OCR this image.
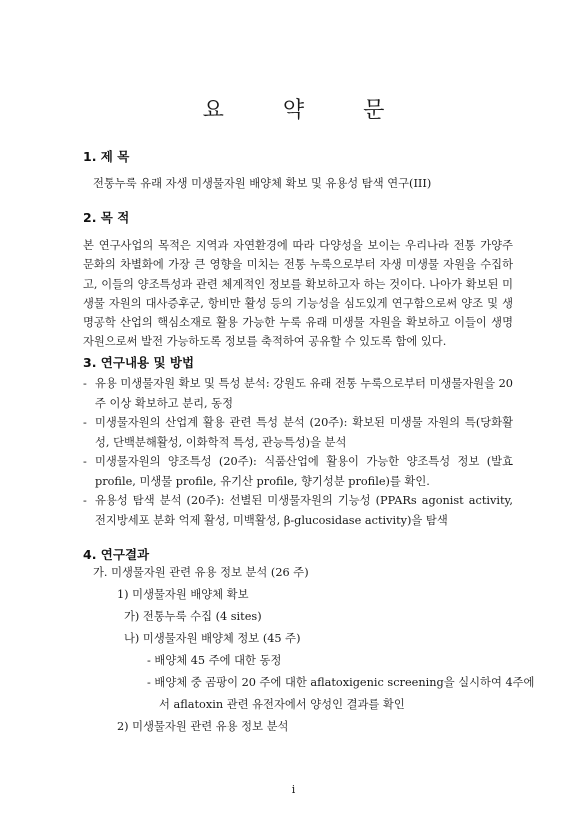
요 약 문
1. 제 목
전통누룩 유래 자생 미생물자원 배양체 확보 및 유용성 탐색 연구(III)
2. 목 적
본 연구사업의 목적은 지역과 자연환경에 따라 다양성을 보이는 우리나라 전통 가양주 문화의 차별화에 가장 큰 영향을 미치는 전통 누룩으로부터 자생 미생물 자원을 수집하고, 이들의 양조특성과 관련 체계적인 정보를 확보하고자 하는 것이다. 나아가 확보된 미생물 자원의 대사증후군, 항비만 활성 등의 기능성을 심도있게 연구함으로써 양조 및 생명공학 산업의 핵심소재로 활용 가능한 누룩 유래 미생물 자원을 확보하고 이들이 생명자원으로써 발전 가능하도록 정보를 축적하여 공유할 수 있도록 함에 있다.
3. 연구내용 및 방법
- 유용 미생물자원 확보 및 특성 분석: 강원도 유래 전통 누룩으로부터 미생물자원을 20주 이상 확보하고 분리, 동정
- 미생물자원의 산업계 활용 관련 특성 분석 (20주): 확보된 미생물 자원의 특(당화활성, 단백분해활성, 이화학적 특성, 관능특성)을 분석
- 미생물자원의 양조특성 (20주): 식품산업에 활용이 가능한 양조특성 정보 (발효 profile, 미생물 profile, 유기산 profile, 향기성분 profile)를 확인.
- 유용성 탐색 분석 (20주): 선별된 미생물자원의 기능성 (PPARs agonist activity, 전지방세포 분화 억제 활성, 미백활성, β-glucosidase activity)을 탐색
4. 연구결과
가. 미생물자원 관련 유용 정보 분석 (26 주)
1) 미생물자원 배양체 확보
가) 전통누룩 수집 (4 sites)
나) 미생물자원 배양체 정보 (45 주)
- 배양체 45 주에 대한 동정
- 배양체 중 곰팡이 20 주에 대한 aflatoxigenic screening을 실시하여 4주에
서 aflatoxin 관련 유전자에서 양성인 결과를 확인
2) 미생물자원 관련 유용 정보 분석
i
